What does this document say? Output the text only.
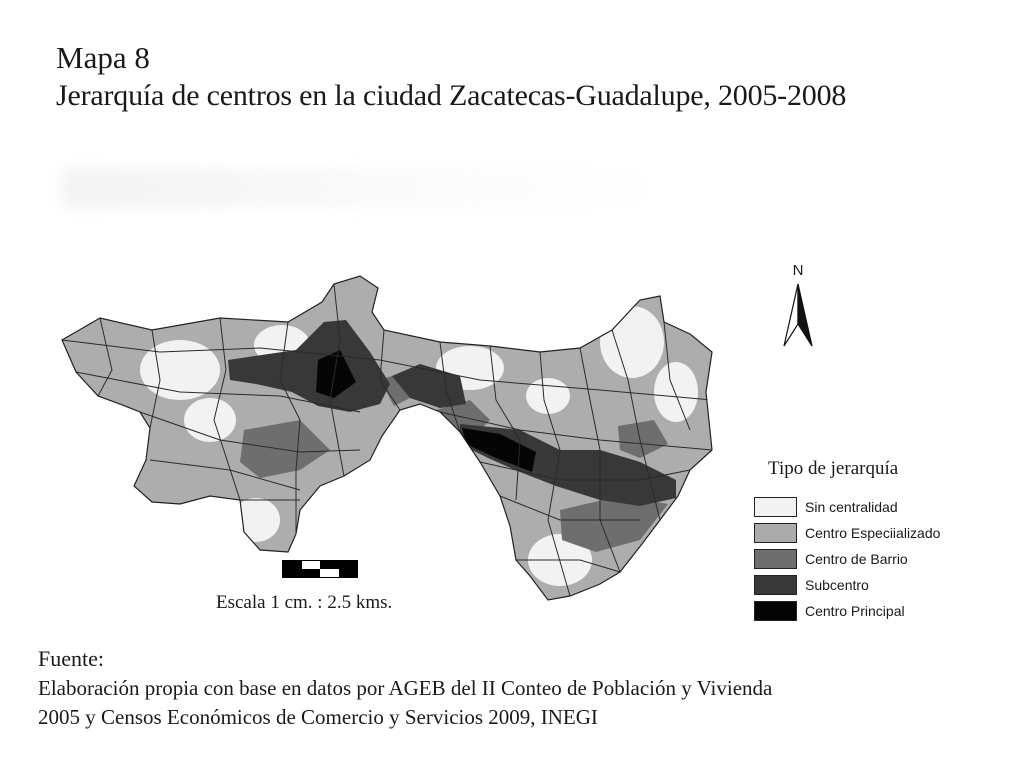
Mapa 8
Jerarquía de centros en la ciudad Zacatecas-Guadalupe, 2005-2008
N
Tipo de jerarquía
Sin centralidad
Centro Especiializado
Centro de Barrio
Subcentro
Centro Principal
Escala 1 cm. : 2.5 kms.
Fuente:
Elaboración propia con base en datos por AGEB del II Conteo de Población y Vivienda
2005 y Censos Económicos de Comercio y Servicios 2009, INEGI
